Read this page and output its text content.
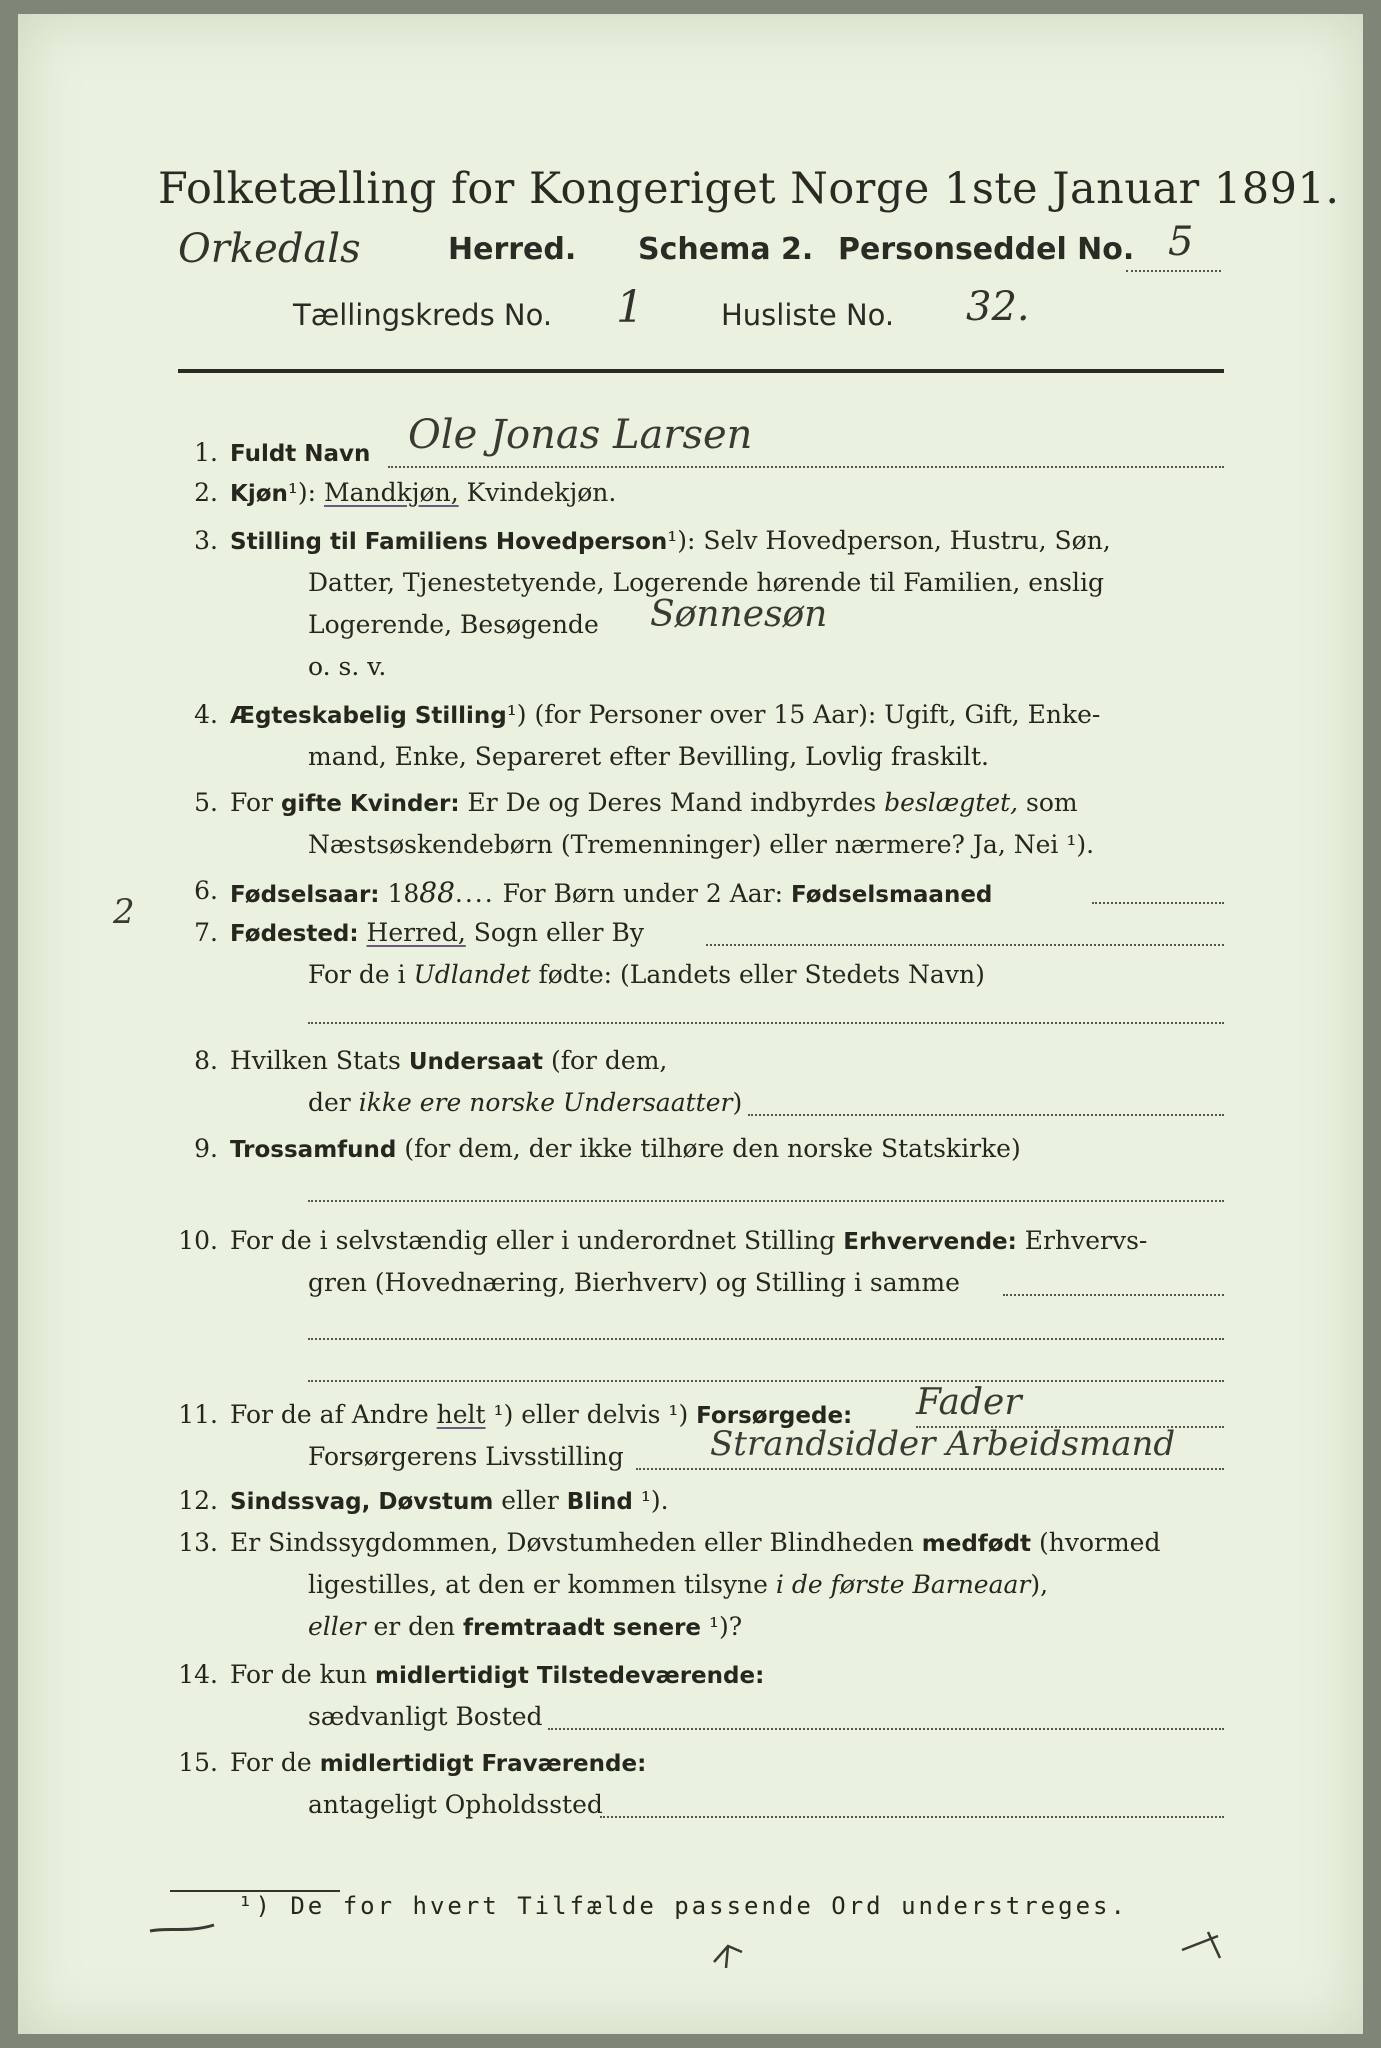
Folketælling for Kongeriget Norge 1ste Januar 1891.
Orkedals	Herred. Schema 2. Personseddel No. 5
Tællingskreds No. 1	Husliste No. 32.
1. Fuldt Navn Ole Jonas Larsen
2. Kjøn¹): Mandkjøn, Kvindekjøn.
3. Stilling til Familiens Hovedperson¹): Selv Hovedperson, Hustru, Søn,
Datter, Tjenestetyende, Logerende hørende til Familien, enslig
Logerende, Besøgende Sønnesøn
o. s. v.
4. Ægteskabelig Stilling¹) (for Personer over 15 Aar): Ugift, Gift, Enke-
mand, Enke, Separeret efter Bevilling, Lovlig fraskilt.
5. For gifte Kvinder: Er De og Deres Mand indbyrdes beslægtet, som
Næstsøskendebørn (Tremenninger) eller nærmere? Ja, Nei ¹).
6. Fødselsaar: 1888.... For Børn under 2 Aar: Fødselsmaaned
2
7. Fødested: Herred, Sogn eller By
For de i Udlandet fødte: (Landets eller Stedets Navn)
8. Hvilken Stats Undersaat (for dem,
der ikke ere norske Undersaatter)
9. Trossamfund (for dem, der ikke tilhøre den norske Statskirke)
10. For de i selvstændig eller i underordnet Stilling Erhvervende: Erhvervs-
gren (Hovednæring, Bierhverv) og Stilling i samme
11. For de af Andre helt ¹) eller delvis ¹) Forsørgede: Fader
Forsørgerens Livsstilling	Strandsidder Arbeidsmand
12. Sindssvag, Døvstum eller Blind ¹).
13. Er Sindssygdommen, Døvstumheden eller Blindheden medfødt (hvormed
ligestilles, at den er kommen tilsyne i de første Barneaar),
eller er den fremtraadt senere ¹)?
14. For de kun midlertidigt Tilstedeværende:
sædvanligt Bosted
15. For de midlertidigt Fraværende:
antageligt Opholdssted
¹) De for hvert Tilfælde passende Ord understreges.
